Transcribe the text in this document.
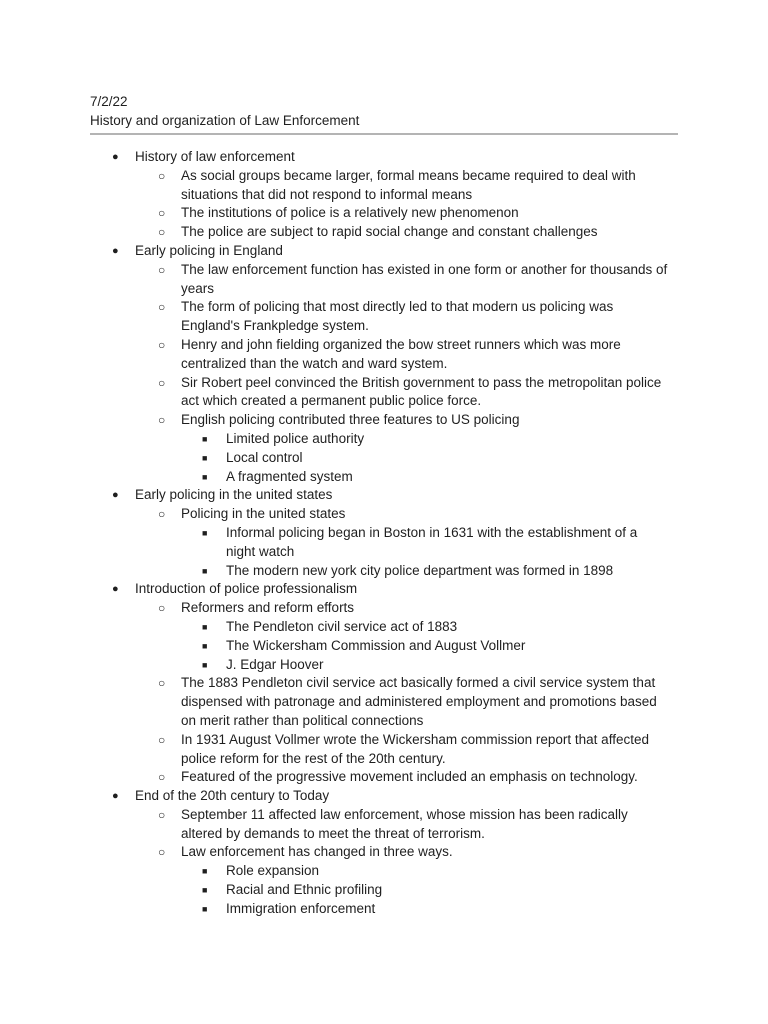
7/2/22
History and organization of Law Enforcement
● History of law enforcement
○ As social groups became larger, formal means became required to deal with situations that did not respond to informal means
○ The institutions of police is a relatively new phenomenon
○ The police are subject to rapid social change and constant challenges
● Early policing in England
○ The law enforcement function has existed in one form or another for thousands of years
○ The form of policing that most directly led to that modern us policing was England's Frankpledge system.
○ Henry and john fielding organized the bow street runners which was more centralized than the watch and ward system.
○ Sir Robert peel convinced the British government to pass the metropolitan police act which created a permanent public police force.
○ English policing contributed three features to US policing
■ Limited police authority
■ Local control
■ A fragmented system
● Early policing in the united states
○ Policing in the united states
■ Informal policing began in Boston in 1631 with the establishment of a night watch
■ The modern new york city police department was formed in 1898
● Introduction of police professionalism
○ Reformers and reform efforts
■ The Pendleton civil service act of 1883
■ The Wickersham Commission and August Vollmer
■ J. Edgar Hoover
○ The 1883 Pendleton civil service act basically formed a civil service system that dispensed with patronage and administered employment and promotions based on merit rather than political connections
○ In 1931 August Vollmer wrote the Wickersham commission report that affected police reform for the rest of the 20th century.
○ Featured of the progressive movement included an emphasis on technology.
● End of the 20th century to Today
○ September 11 affected law enforcement, whose mission has been radically altered by demands to meet the threat of terrorism.
○ Law enforcement has changed in three ways.
■ Role expansion
■ Racial and Ethnic profiling
■ Immigration enforcement
